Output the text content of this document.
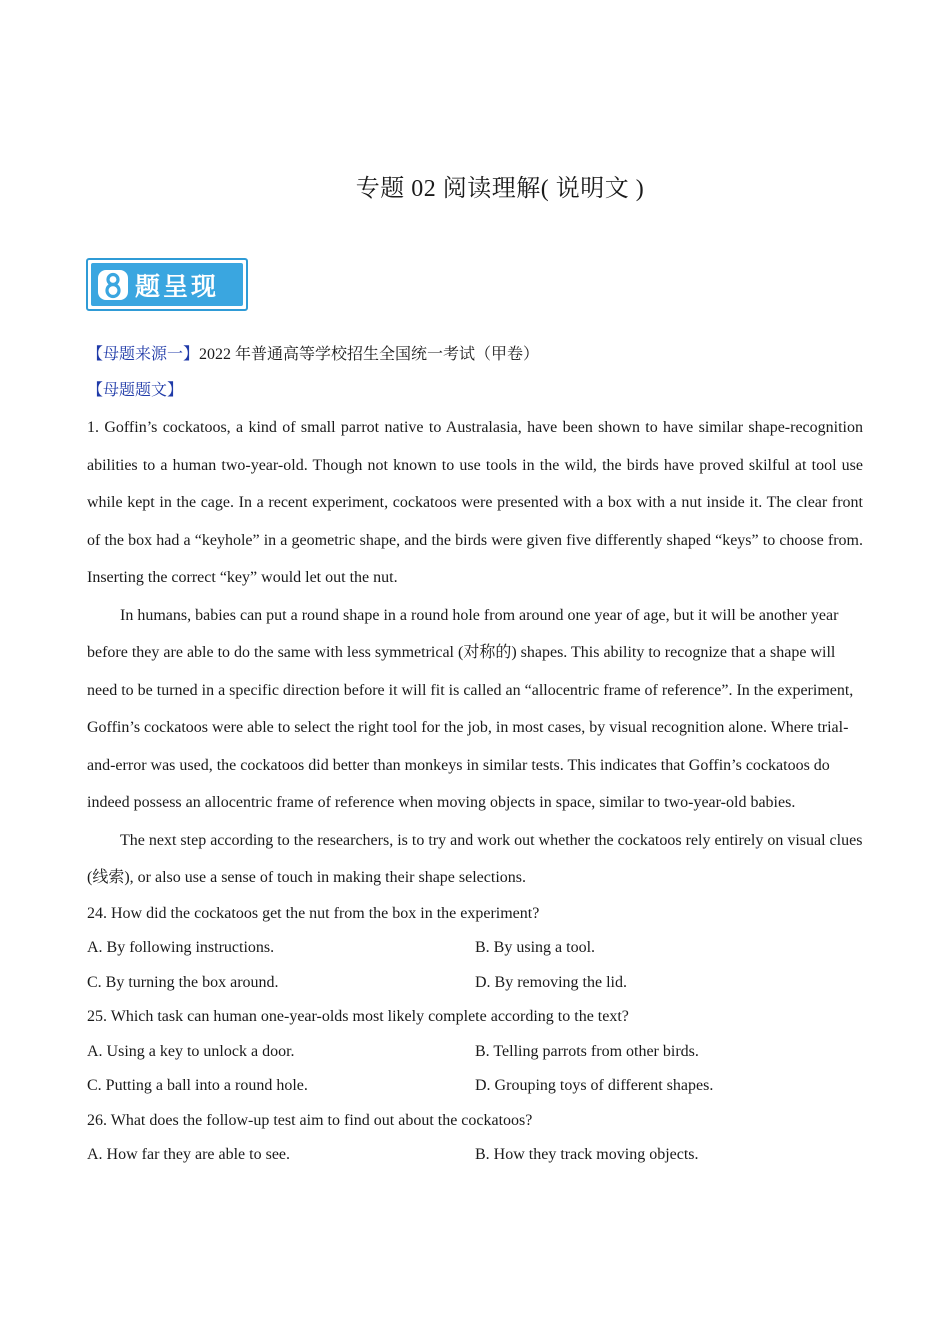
专题 02 阅读理解( 说明文 )
题呈现
【母题来源一】2022 年普通高等学校招生全国统一考试（甲卷）
【母题题文】

1. Goffin’s cockatoos, a kind of small parrot native to Australasia, have been shown to have similar shape-recognition abilities to a human two-year-old. Though not known to use tools in the wild, the birds have proved skilful at tool use while kept in the cage. In a recent experiment, cockatoos were presented with a box with a nut inside it. The clear front of the box had a “keyhole” in a geometric shape, and the birds were given five differently shaped “keys” to choose from. Inserting the correct “key” would let out the nut.

In humans, babies can put a round shape in a round hole from around one year of age, but it will be another year before they are able to do the same with less symmetrical (对称的) shapes. This ability to recognize that a shape will need to be turned in a specific direction before it will fit is called an “allocentric frame of reference”. In the experiment, Goffin’s cockatoos were able to select the right tool for the job, in most cases, by visual recognition alone. Where trial-and-error was used, the cockatoos did better than monkeys in similar tests. This indicates that Goffin’s cockatoos do indeed possess an allocentric frame of reference when moving objects in space, similar to two-year-old babies.

The next step according to the researchers, is to try and work out whether the cockatoos rely entirely on visual clues (线索), or also use a sense of touch in making their shape selections.

24. How did the cockatoos get the nut from the box in the experiment?

A. By following instructions.	B. By using a tool.
C. By turning the box around.	D. By removing the lid.

25. Which task can human one-year-olds most likely complete according to the text?

A. Using a key to unlock a door.	B. Telling parrots from other birds.
C. Putting a ball into a round hole.	D. Grouping toys of different shapes.

26. What does the follow-up test aim to find out about the cockatoos?

A. How far they are able to see.	B. How they track moving objects.
